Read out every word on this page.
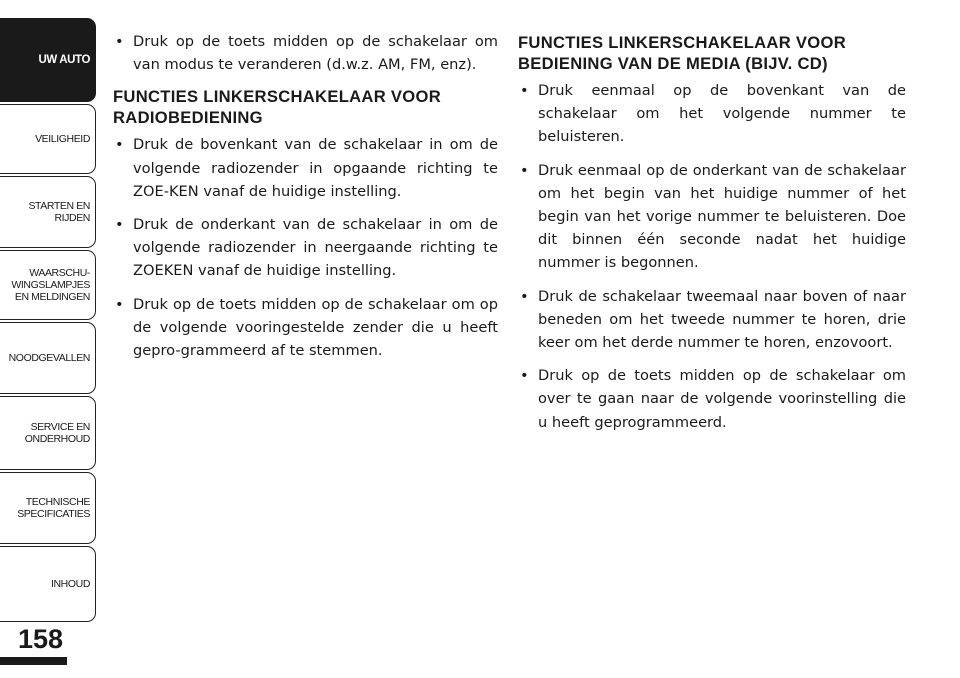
UW AUTO
VEILIGHEID
STARTEN EN
RIJDEN
WAARSCHU-
WINGSLAMPJES
EN MELDINGEN
NOODGEVALLEN
SERVICE EN
ONDERHOUD
TECHNISCHE
SPECIFICATIES
INHOUD
158
• Druk op de toets midden op de schakelaar om van modus te veranderen (d.w.z. AM, FM, enz).
FUNCTIES LINKERSCHAKELAAR VOOR RADIOBEDIENING
• Druk de bovenkant van de schakelaar in om de volgende radiozender in opgaande richting te ZOE-KEN vanaf de huidige instelling.
• Druk de onderkant van de schakelaar in om de volgende radiozender in neergaande richting te ZOEKEN vanaf de huidige instelling.
• Druk op de toets midden op de schakelaar om op de volgende vooringestelde zender die u heeft gepro-grammeerd af te stemmen.
FUNCTIES LINKERSCHAKELAAR VOOR BEDIENING VAN DE MEDIA (BIJV. CD)
• Druk eenmaal op de bovenkant van de schakelaar om het volgende nummer te beluisteren.
• Druk eenmaal op de onderkant van de schakelaar om het begin van het huidige nummer of het begin van het vorige nummer te beluisteren. Doe dit binnen één seconde nadat het huidige nummer is begonnen.
• Druk de schakelaar tweemaal naar boven of naar beneden om het tweede nummer te horen, drie keer om het derde nummer te horen, enzovoort.
• Druk op de toets midden op de schakelaar om over te gaan naar de volgende voorinstelling die u heeft geprogrammeerd.
